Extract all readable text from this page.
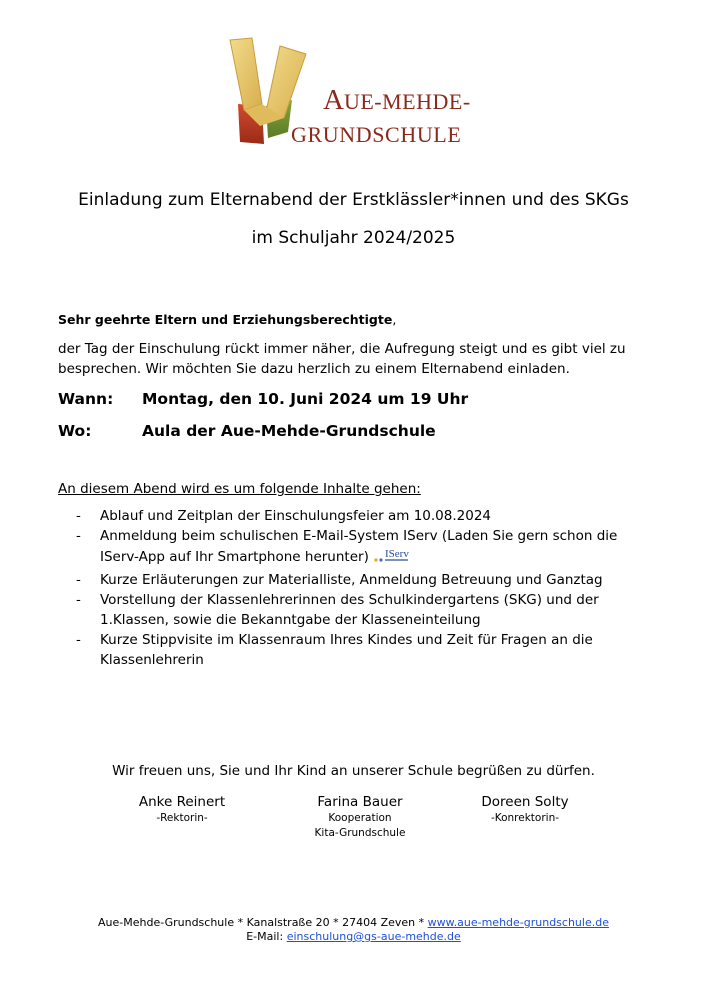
AUE-MEHDE-
GRUNDSCHULE
Einladung zum Elternabend der Erstklässler*innen und des SKGs
im Schuljahr 2024/2025
Sehr geehrte Eltern und Erziehungsberechtigte,
der Tag der Einschulung rückt immer näher, die Aufregung steigt und es gibt viel zu besprechen. Wir möchten Sie dazu herzlich zu einem Elternabend einladen.
Wann: Montag, den 10. Juni 2024 um 19 Uhr
Wo:	Aula der Aue-Mehde-Grundschule
An diesem Abend wird es um folgende Inhalte gehen:
- Ablauf und Zeitplan der Einschulungsfeier am 10.08.2024
- Anmeldung beim schulischen E-Mail-System IServ (Laden Sie gern schon die IServ-App auf Ihr Smartphone herunter) IServ
- Kurze Erläuterungen zur Materialliste, Anmeldung Betreuung und Ganztag
- Vorstellung der Klassenlehrerinnen des Schulkindergartens (SKG) und der 1.Klassen, sowie die Bekanntgabe der Klasseneinteilung
- Kurze Stippvisite im Klassenraum Ihres Kindes und Zeit für Fragen an die Klassenlehrerin
Wir freuen uns, Sie und Ihr Kind an unserer Schule begrüßen zu dürfen.
Anke Reinert
-Rektorin-
Farina Bauer
Kooperation
Kita-Grundschule
Doreen Solty
-Konrektorin-
Aue-Mehde-Grundschule * Kanalstraße 20 * 27404 Zeven * www.aue-mehde-grundschule.de
E-Mail: einschulung@gs-aue-mehde.de
